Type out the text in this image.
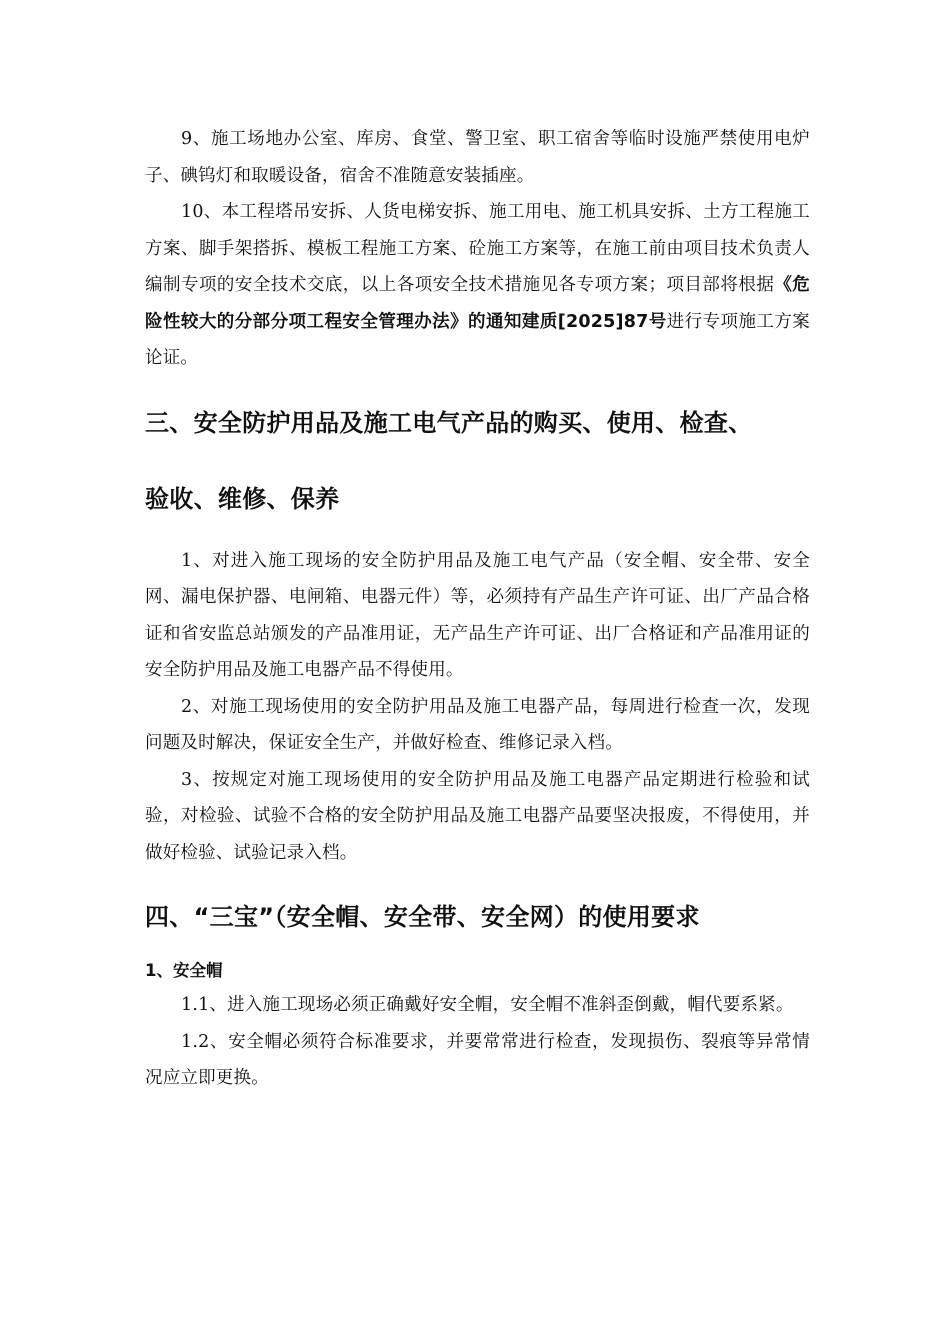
9、施工场地办公室、库房、食堂、警卫室、职工宿舍等临时设施严禁使用电炉子、碘钨灯和取暖设备，宿舍不准随意安装插座。

10、本工程塔吊安拆、人货电梯安拆、施工用电、施工机具安拆、土方工程施工方案、脚手架搭拆、模板工程施工方案、砼施工方案等，在施工前由项目技术负责人编制专项的安全技术交底，以上各项安全技术措施见各专项方案；项目部将根据《危险性较大的分部分项工程安全管理办法》的通知建质[2025]87号进行专项施工方案论证。

三、安全防护用品及施工电气产品的购买、使用、检查、
验收、维修、保养

1、对进入施工现场的安全防护用品及施工电气产品（安全帽、安全带、安全网、漏电保护器、电闸箱、电器元件）等，必须持有产品生产许可证、出厂产品合格证和省安监总站颁发的产品准用证，无产品生产许可证、出厂合格证和产品准用证的安全防护用品及施工电器产品不得使用。

2、对施工现场使用的安全防护用品及施工电器产品，每周进行检查一次，发现问题及时解决，保证安全生产，并做好检查、维修记录入档。

3、按规定对施工现场使用的安全防护用品及施工电器产品定期进行检验和试验，对检验、试验不合格的安全防护用品及施工电器产品要坚决报废，不得使用，并做好检验、试验记录入档。

四、“三宝”（安全帽、安全带、安全网）的使用要求
1、安全帽

1.1、进入施工现场必须正确戴好安全帽，安全帽不准斜歪倒戴，帽代要系紧。

1.2、安全帽必须符合标准要求，并要常常进行检查，发现损伤、裂痕等异常情况应立即更换。
